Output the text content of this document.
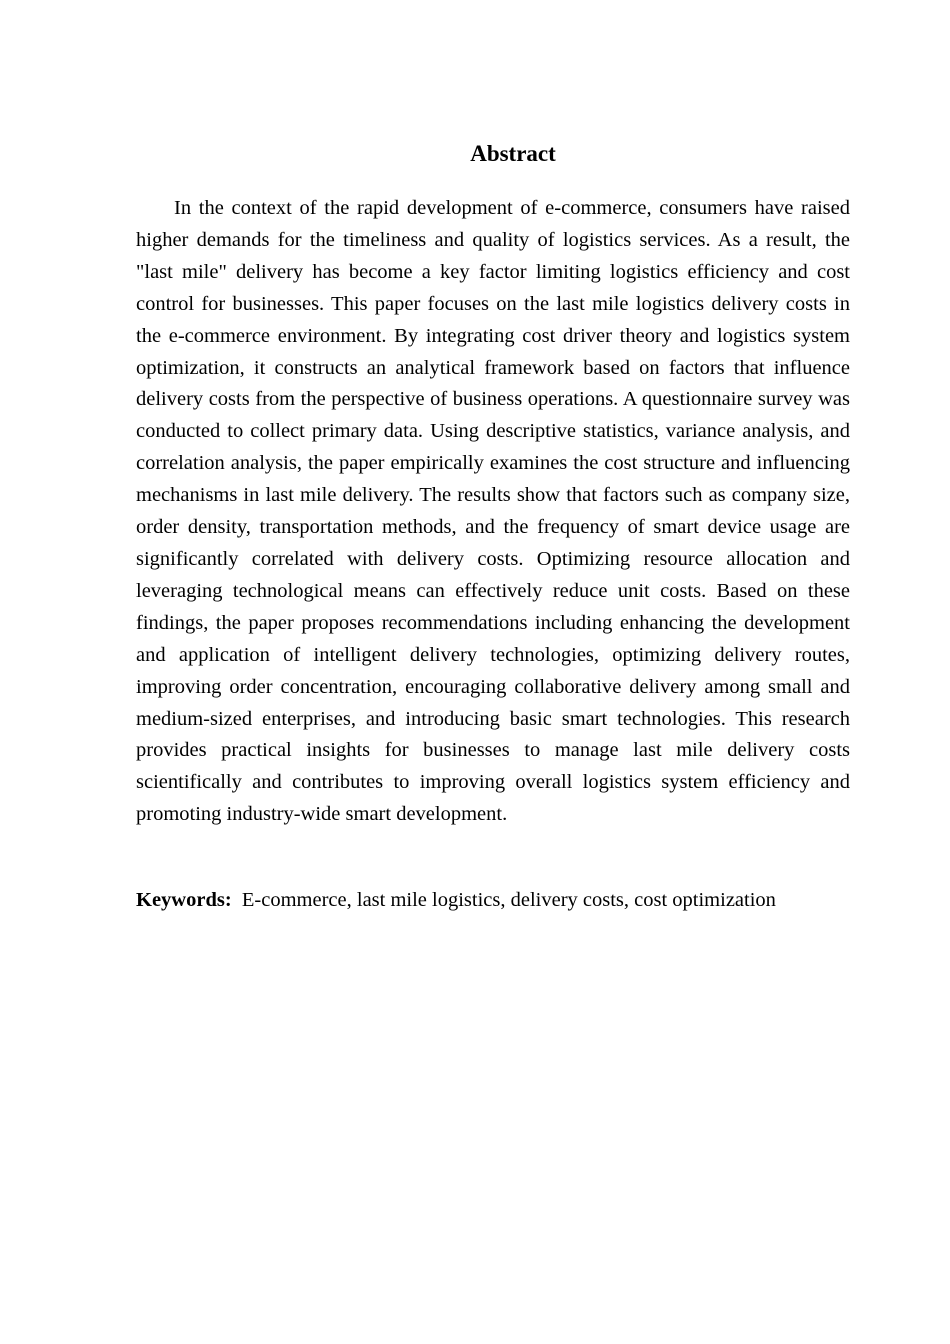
Abstract

In the context of the rapid development of e-commerce, consumers have raised higher demands for the timeliness and quality of logistics services. As a result, the "last mile" delivery has become a key factor limiting logistics efficiency and cost control for businesses. This paper focuses on the last mile logistics delivery costs in the e-commerce environment. By integrating cost driver theory and logistics system optimization, it constructs an analytical framework based on factors that influence delivery costs from the perspective of business operations. A questionnaire survey was conducted to collect primary data. Using descriptive statistics, variance analysis, and correlation analysis, the paper empirically examines the cost structure and influencing mechanisms in last mile delivery. The results show that factors such as company size, order density, transportation methods, and the frequency of smart device usage are significantly correlated with delivery costs. Optimizing resource allocation and leveraging technological means can effectively reduce unit costs. Based on these findings, the paper proposes recommendations including enhancing the development and application of intelligent delivery technologies, optimizing delivery routes, improving order concentration, encouraging collaborative delivery among small and medium-sized enterprises, and introducing basic smart technologies. This research provides practical insights for businesses to manage last mile delivery costs scientifically and contributes to improving overall logistics system efficiency and promoting industry-wide smart development.

Keywords: E-commerce, last mile logistics, delivery costs, cost optimization
